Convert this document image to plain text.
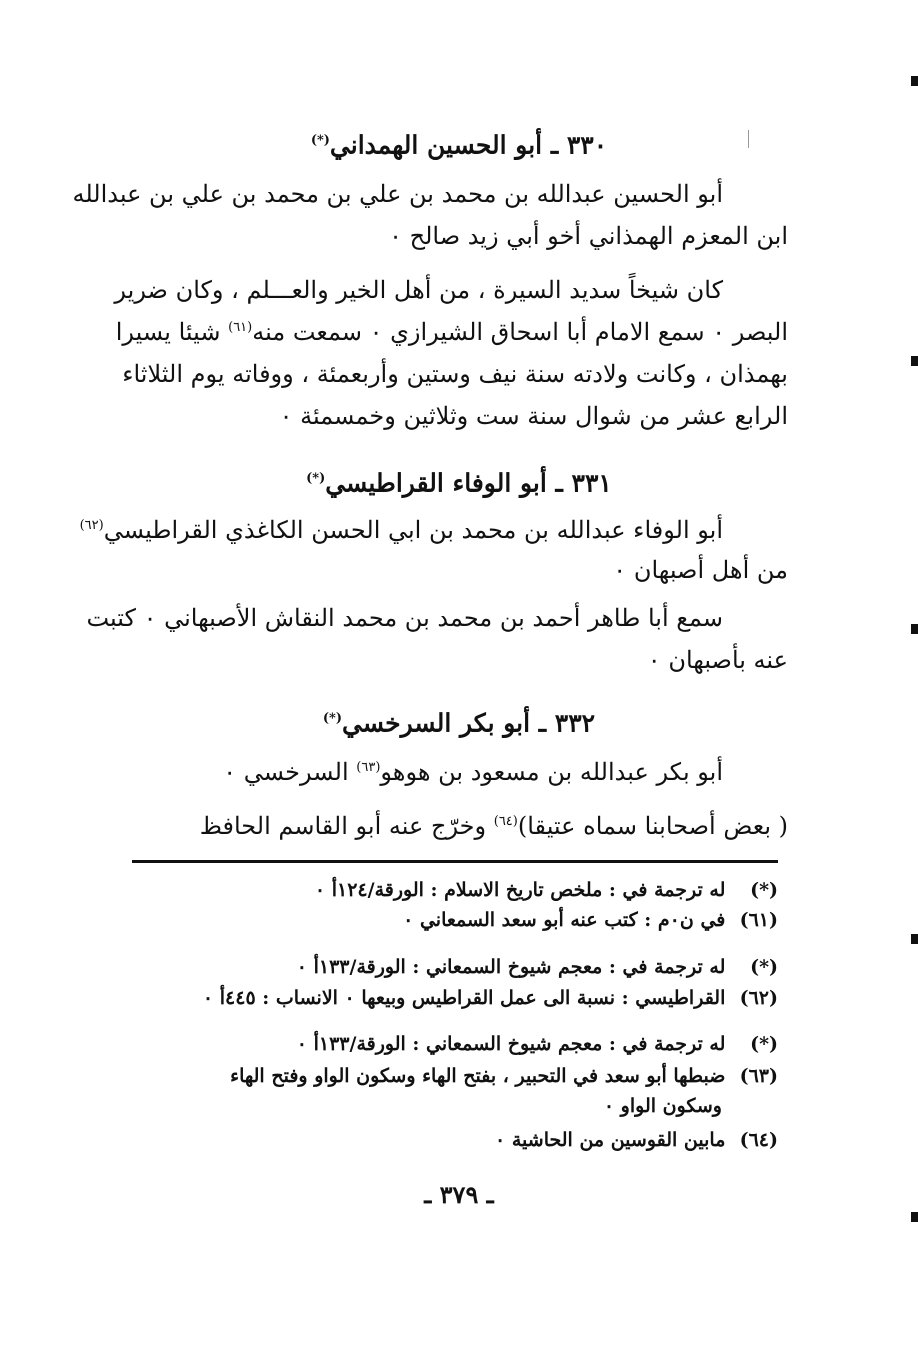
٣٣٠ ـ أبو الحسين الهمداني(*)
أبو الحسين عبدالله بن محمد بن علي بن محمد بن علي بن عبدالله
ابن المعزم الهمذاني أخو أبي زيد صالح ٠
كان شيخاً سديد السيرة ، من أهل الخير والعـــلم ، وكان ضرير
البصر ٠ سمع الامام أبا اسحاق الشيرازي ٠ سمعت منه$^{(٦١)}$ شيئا يسيرا
بهمذان ، وكانت ولادته سنة نيف وستين وأربعمئة ، ووفاته يوم الثلاثاء
الرابع عشر من شوال سنة ست وثلاثين وخمسمئة ٠
٣٣١ ـ أبو الوفاء القراطيسي(*)
أبو الوفاء عبدالله بن محمد بن ابي الحسن الكاغذي القراطيسي$^{(٦٢)}$
من أهل أصبهان ٠
سمع أبا طاهر أحمد بن محمد بن محمد النقاش الأصبهاني ٠ كتبت
عنه بأصبهان ٠
٣٣٢ ـ أبو بكر السرخسي(*)
أبو بكر عبدالله بن مسعود بن هوهو$^{(٦٣)}$ السرخسي ٠
( بعض أصحابنا سماه عتيقا)$^{(٦٤)}$ وخرّج عنه أبو القاسم الحافظ
(*) له ترجمة في : ملخص تاريخ الاسلام : الورقة/١٢٤أ ٠
(٦١) في ن٠م : كتب عنه أبو سعد السمعاني ٠
(*) له ترجمة في : معجم شيوخ السمعاني : الورقة/١٣٣أ ٠
(٦٢) القراطيسي : نسبة الى عمل القراطيس وبيعها ٠ الانساب : ٤٤٥أ ٠
(*) له ترجمة في : معجم شيوخ السمعاني : الورقة/١٣٣أ ٠
(٦٣) ضبطها أبو سعد في التحبير ، بفتح الهاء وسكون الواو وفتح الهاء
وسكون الواو ٠
(٦٤) مابين القوسين من الحاشية ٠
ـ ٣٧٩ ـ
